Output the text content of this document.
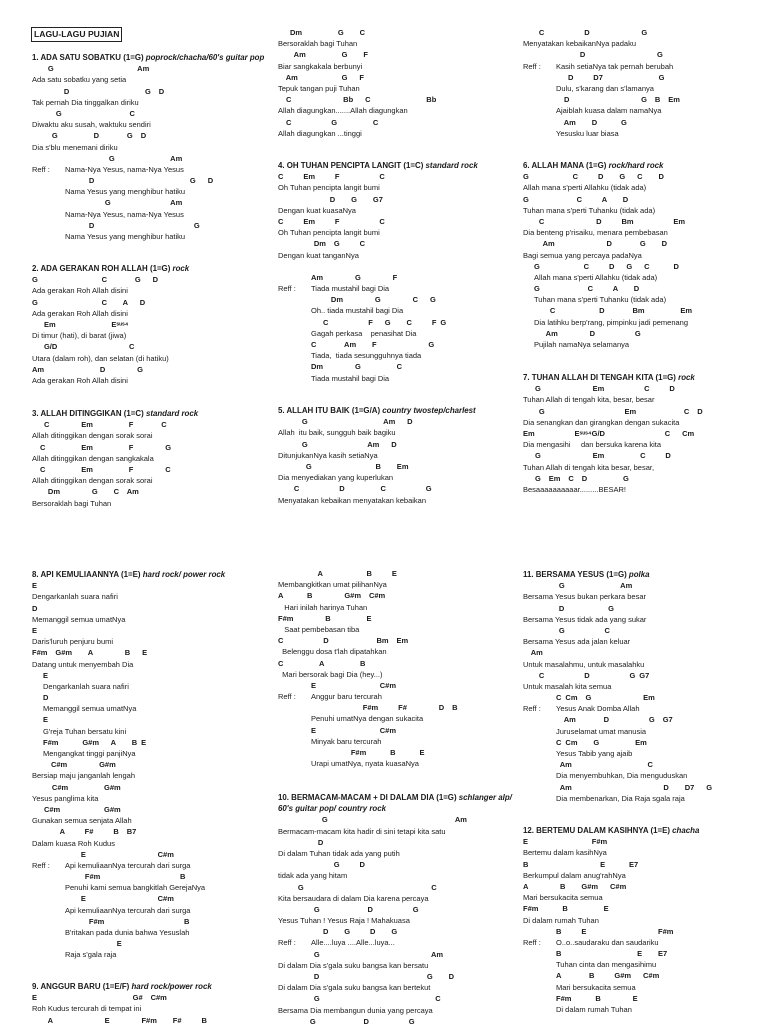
LAGU-LAGU PUJIAN
1. ADA SATU SOBATKU (1=G) poprock/chacha/60's guitar pop
G                     Am
Ada satu sobatku yang setia
D                   G  D
Tak pernah Dia tinggalkan diriku
G                 C
Diwaktu aku susah, waktuku sendiri
G         D       G  D
Dia s'blu menemani diriku
Reff :
G              Am
Nama-Nya Yesus, nama-Nya Yesus
D                        G   D
Nama Yesus yang menghibur hatiku
G               Am
Nama-Nya Yesus, nama-Nya Yesus
D                         G
Nama Yesus yang menghibur hatiku
2. ADA GERAKAN ROH ALLAH (1=G) rock
G                C       G   D
Ada gerakan Roh Allah disini
G                C    A   D
Ada gerakan Roh Allah disini
Em              Eˢᵘˢ⁴
Di timur (hati), di barat (jiwa)
G/D                  C
Utara (dalam roh), dan selatan (di hatiku)
Am              D        G
Ada gerakan Roh Allah disini
3. ALLAH DITINGGIKAN (1=C) standard rock
C        Em         F       C
Allah ditinggikan dengan sorak sorai
C         Em         F        G
Allah ditinggikan dengan sangkakala
C         Em         F        C
Allah ditinggikan dengan sorak sorai
Dm        G    C  Am
Bersoraklah bagi Tuhan
Dm         G    C
Bersoraklah bagi Tuhan
Am         G    F
Biar sangkakala berbunyi
Am           G   F
Tepuk tangan puji Tuhan
C             Bb   C              Bb
Allah diagungkan.......Allah diagungkan
C          G         C
Allah diagungkan ...tinggi
4. OH TUHAN PENCIPTA LANGIT (1=C) standard rock
C     Em     F          C
Oh Tuhan pencipta langit bumi
D    G    G7
Dengan kuat kuasaNya
C     Em     F          C
Oh Tuhan pencipta langit bumi
Dm  G     C
Dengan kuat tanganNya

Reff :
Am        G        F
Tiada mustahil bagi Dia
Dm        G        C   G
Oh.. tiada mustahil bagi Dia
C          F   G    C     F G
Gagah perkasa    penasihat Dia
C       Am    F             G
Tiada,  tiada sesungguhnya tiada
Dm        G         C
Tiada mustahil bagi Dia
5. ALLAH ITU BAIK (1=G/A) country twostep/charlest
G                   Am   D
Allah  itu baik, sungguh baik bagiku
G               Am   D
DitunjukanNya kasih setiaNya
G                B    Em
Dia menyediakan yang kuperlukan
C          D         C          G
Menyatakan kebaikan menyatakan kebaikan
C          D             G
Menyatakan kebaikanNya padaku
Reff :
D                  G
Kasih setiaNya tak pernah berubah
D     D7              G
Dulu, s'karang dan s'lamanya
D                  G  B  Em
Ajaiblah kuasa dalam namaNya
Am    D      G
Yesusku luar biasa
6. ALLAH MANA (1=G) rock/hard rock
G           C     D    G   C    D
Allah mana s'perti Allahku (tidak ada)
G            C     A    D
Tuhan mana s'perti Tuhanku (tidak ada)
C             D     Bm          Em
Dia benteng p'risaiku, menara pembebasan
Am             D       G    D
Bagi semua yang percaya padaNya
G           C     D   G   C      D
Allah mana s'perti Allahku (tidak ada)
G            C     A    D
Tuhan mana s'perti Tuhanku (tidak ada)
C           D       Bm         Em
Dia latihku berp'rang, pimpinku jadi pemenang
Am        D          G
Pujilah namaNya selamanya
7. TUHAN ALLAH DI TENGAH KITA (1=G) rock
G             Em          C     D
Tuhan Allah di tengah kita, besar, besar
G                    Em            C  D
Dia senangkan dan girangkan dengan sukacita
Em          Eˢᵘˢ⁴G/D               C   Cm
Dia mengasihi     dan bersuka karena kita
G             Em         C     D
Tuhan Allah di tengah kita besar, besar,
G  Em  C  D         G
Besaaaaaaaaaar.........BESAR!
8. API KEMULIAANNYA (1=E) hard rock/ power rock
E
Dengarkanlah suara nafiri
D
Memanggil semua umatNya
E
Daris'luruh penjuru bumi
F#m  G#m    A        B   E
Datang untuk menyembah Dia
E
Dengarkanlah suara nafiri
D
Memanggil semua umatNya
E
G'reja Tuhan bersatu kini
F#m      G#m   A    B E
Mengangkat tinggi panjiNya
C#m        G#m
Bersiap maju janganlah lengah
C#m         G#m
Yesus panglima kita
C#m           G#m
Gunakan semua senjata Allah
A     F#     B  B7
Dalam kuasa Roh Kudus
Reff :
E                  C#m
Api kemuliaanNya tercurah dari surga
F#m                    B
Penuhi kami semua bangkitlah GerejaNya
E                  C#m
Api kemuliaanNya tercurah dari surga
F#m                    B
B'ritakan pada dunia bahwa Yesuslah
E
Raja s'gala raja
9. ANGGUR BARU (1=E/F) hard rock/power rock
E                        G#  C#m
Roh Kudus tercurah di tempat ini
A             E        F#m    F#     B
A           B     E
Membangkitkan umat pilihanNya
A      B        G#m  C#m
Hari inilah harinya Tuhan
F#m        B         E
Saat pembebasan tiba
C          D            Bm  Em
Belenggu dosa t'lah dipatahkan
C         A         B
Mari bersorak bagi Dia (hey...)
Reff :
E                C#m
Anggur baru tercurah
F#m     F#        D  B
Penuhi umatNya dengan sukacita
E                C#m
Minyak baru tercurah
F#m      B      E
Urapi umatNya, nyata kuasaNya
10. BERMACAM-MACAM + DI DALAM DIA (1=G) schlanger alp/ 60's guitar pop/ country rock
G                                Am
Bermacam-macam kita hadir di sini tetapi kita satu
D
Di dalam Tuhan tidak ada yang putih
G     D
tidak ada yang hitam
G                                C
Kita bersaudara di dalam Dia karena percaya
G            D          G
Yesus Tuhan ! Yesus Raja ! Mahakuasa
Reff :
D    G     D    G
Alle....luya ....Alle...luya...
G                            Am
Di dalam Dia s'gala suku bangsa kan bersatu
D                           G    D
Di dalam Dia s'gala suku bangsa kan bertekut
G                             C
Bersama Dia membangun dunia yang percaya
G            D          G
11. BERSAMA YESUS (1=G) polka
G              Am
Bersama Yesus bukan perkara besar
D           G
Bersama Yesus tidak ada yang sukar
G          C
Bersama Yesus ada jalan keluar
Am
Untuk masalahmu, untuk masalahku
C          D          G G7
Untuk masalah kita semua
Reff :
C Cm  G             Em
Yesus Anak Domba Allah
Am       D          G  G7
Juruselamat umat manusia
C Cm    G         Em
Yesus Tabib yang ajaib
Am                   C
Dia menyembuhkan, Dia menguduskan
Am                       D    D7   G
Dia membenarkan, Dia Raja sgala raja
12. BERTEMU DALAM KASIHNYA (1=E) chacha
E                F#m
Bertemu dalam kasihNya
B                  E      E7
Berkumpul dalam anug'rahNya
A        B    G#m   C#m
Mari bersukacita semua
F#m      B         E
Di dalam rumah Tuhan
Reff :
B     E                  F#m
O..o..saudaraku dan saudariku
B                   E    E7
Tuhan cinta dan mengasihimu
A       B     G#m   C#m
Mari bersukacita semua
F#m      B        E
Di dalam rumah Tuhan
